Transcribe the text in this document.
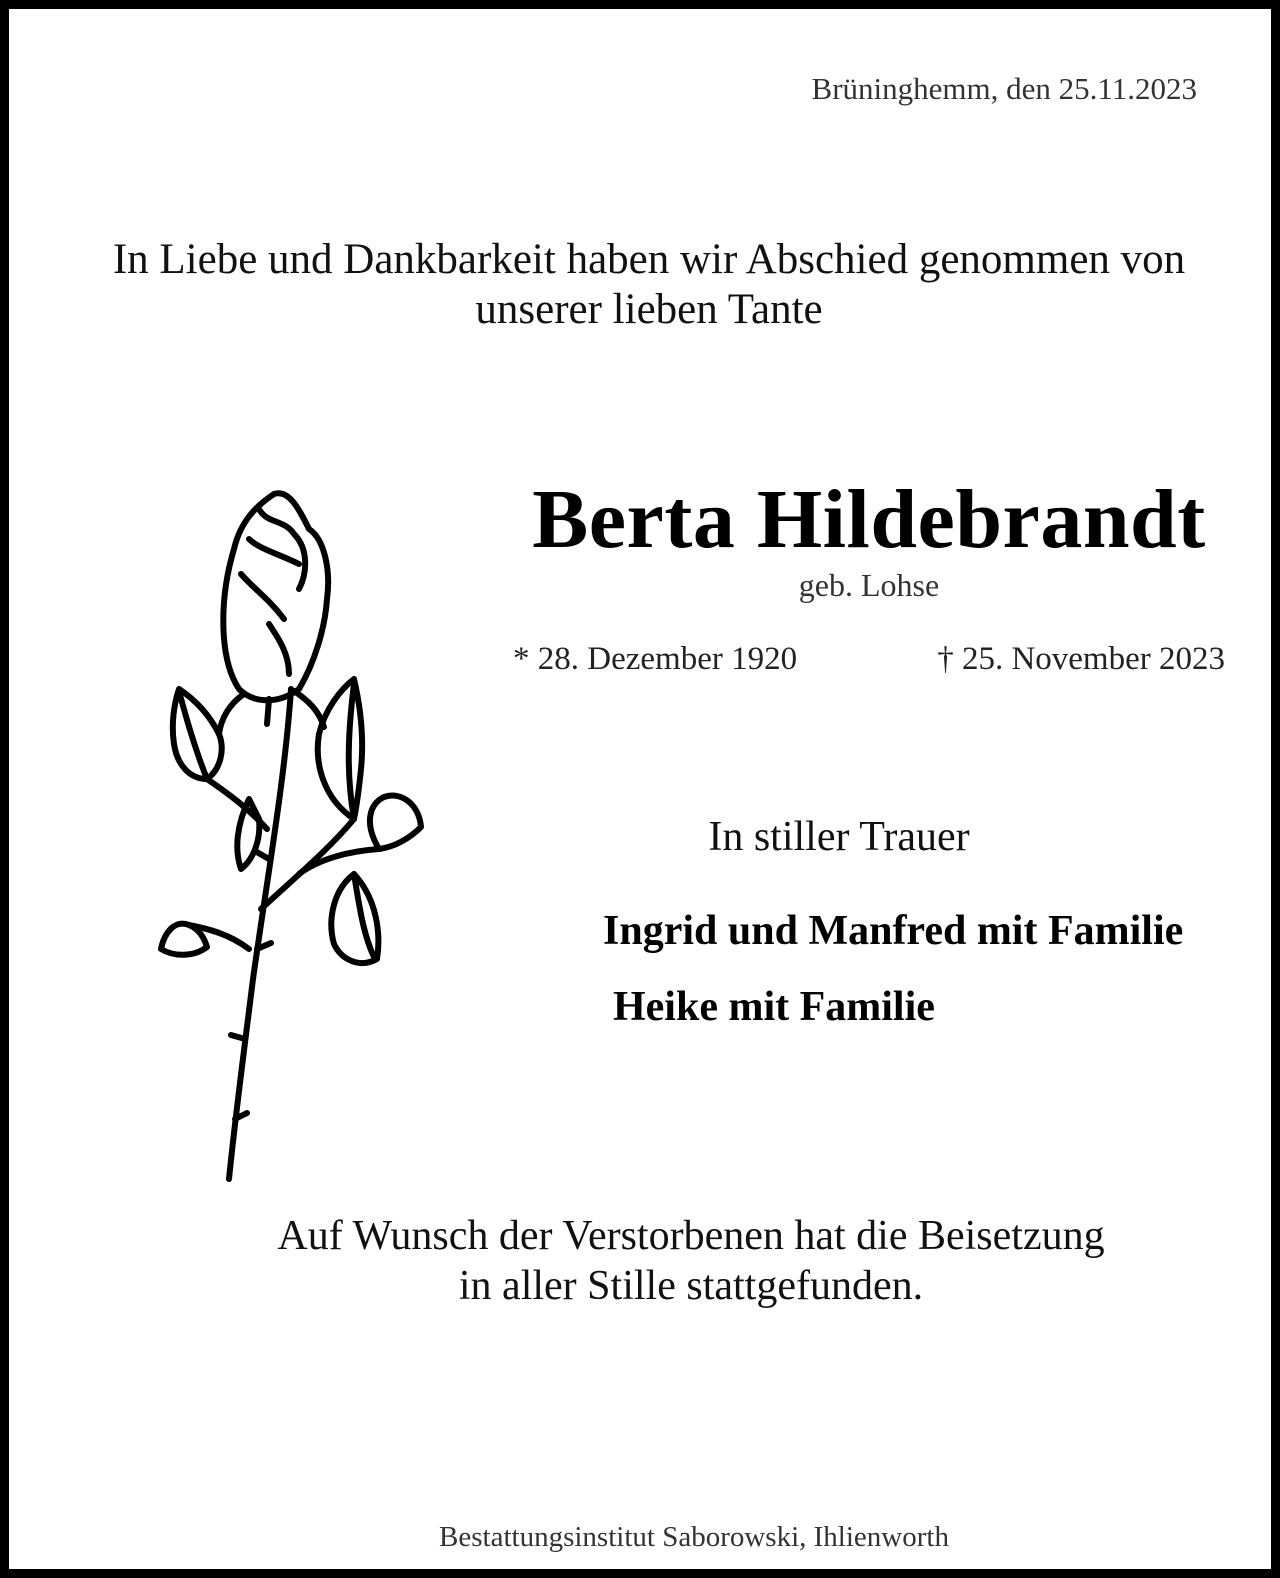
Brüninghemm, den 25.11.2023

In Liebe und Dankbarkeit haben wir Abschied genommen von
unserer lieben Tante

Berta Hildebrandt

geb. Lohse

* 28. Dezember 1920	† 25. November 2023

In stiller Trauer

Ingrid und Manfred mit Familie

Heike mit Familie

Auf Wunsch der Verstorbenen hat die Beisetzung
in aller Stille stattgefunden.

Bestattungsinstitut Saborowski, Ihlienworth
